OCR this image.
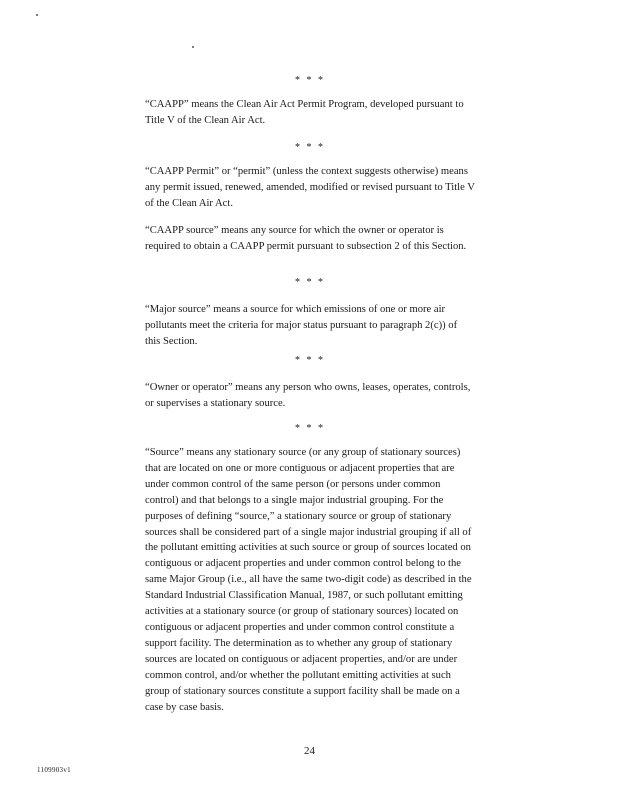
* * *

“CAAPP” means the Clean Air Act Permit Program, developed pursuant to Title V of the Clean Air Act.

* * *

“CAAPP Permit” or “permit” (unless the context suggests otherwise) means any permit issued, renewed, amended, modified or revised pursuant to Title V of the Clean Air Act.

“CAAPP source” means any source for which the owner or operator is required to obtain a CAAPP permit pursuant to subsection 2 of this Section.

* * *

“Major source” means a source for which emissions of one or more air pollutants meet the criteria for major status pursuant to paragraph 2(c)) of this Section.

* * *

“Owner or operator” means any person who owns, leases, operates, controls, or supervises a stationary source.

* * *

“Source” means any stationary source (or any group of stationary sources) that are located on one or more contiguous or adjacent properties that are under common control of the same person (or persons under common control) and that belongs to a single major industrial grouping. For the purposes of defining “source,” a stationary source or group of stationary sources shall be considered part of a single major industrial grouping if all of the pollutant emitting activities at such source or group of sources located on contiguous or adjacent properties and under common control belong to the same Major Group (i.e., all have the same two-digit code) as described in the Standard Industrial Classification Manual, 1987, or such pollutant emitting activities at a stationary source (or group of stationary sources) located on contiguous or adjacent properties and under common control constitute a support facility. The determination as to whether any group of stationary sources are located on contiguous or adjacent properties, and/or are under common control, and/or whether the pollutant emitting activities at such group of stationary sources constitute a support facility shall be made on a case by case basis.

24
1109903v1
